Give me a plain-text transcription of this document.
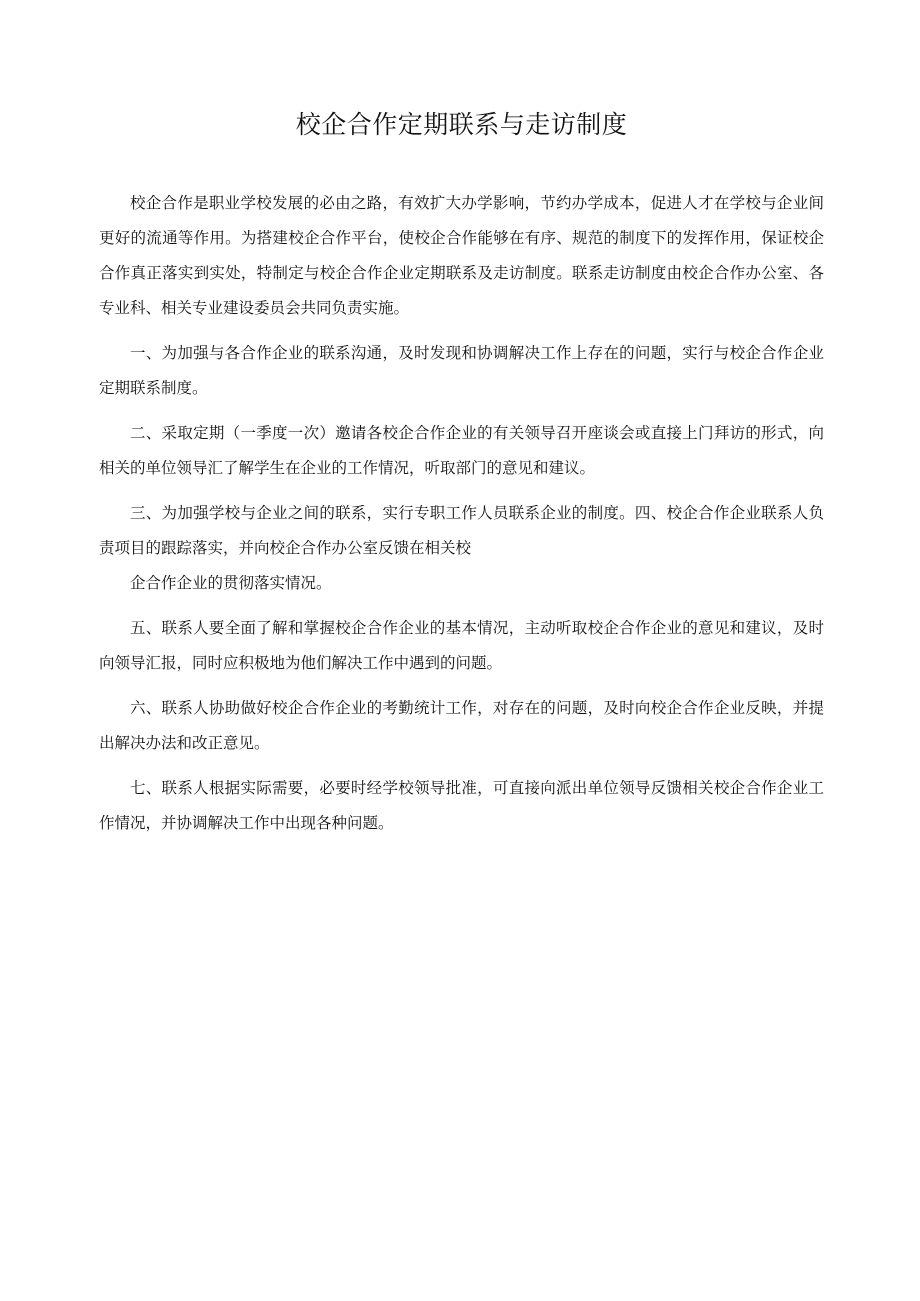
校企合作定期联系与走访制度

校企合作是职业学校发展的必由之路，有效扩大办学影响，节约办学成本，促进人才在学校与企业间更好的流通等作用。为搭建校企合作平台，使校企合作能够在有序、规范的制度下的发挥作用，保证校企合作真正落实到实处，特制定与校企合作企业定期联系及走访制度。联系走访制度由校企合作办公室、各专业科、相关专业建设委员会共同负责实施。

一、为加强与各合作企业的联系沟通，及时发现和协调解决工作上存在的问题，实行与校企合作企业定期联系制度。

二、采取定期（一季度一次）邀请各校企合作企业的有关领导召开座谈会或直接上门拜访的形式，向相关的单位领导汇了解学生在企业的工作情况，听取部门的意见和建议。

三、为加强学校与企业之间的联系，实行专职工作人员联系企业的制度。四、校企合作企业联系人负责项目的跟踪落实，并向校企合作办公室反馈在相关校

企合作企业的贯彻落实情况。

五、联系人要全面了解和掌握校企合作企业的基本情况，主动听取校企合作企业的意见和建议，及时向领导汇报，同时应积极地为他们解决工作中遇到的问题。

六、联系人协助做好校企合作企业的考勤统计工作，对存在的问题，及时向校企合作企业反映，并提出解决办法和改正意见。

七、联系人根据实际需要，必要时经学校领导批准，可直接向派出单位领导反馈相关校企合作企业工作情况，并协调解决工作中出现各种问题。
